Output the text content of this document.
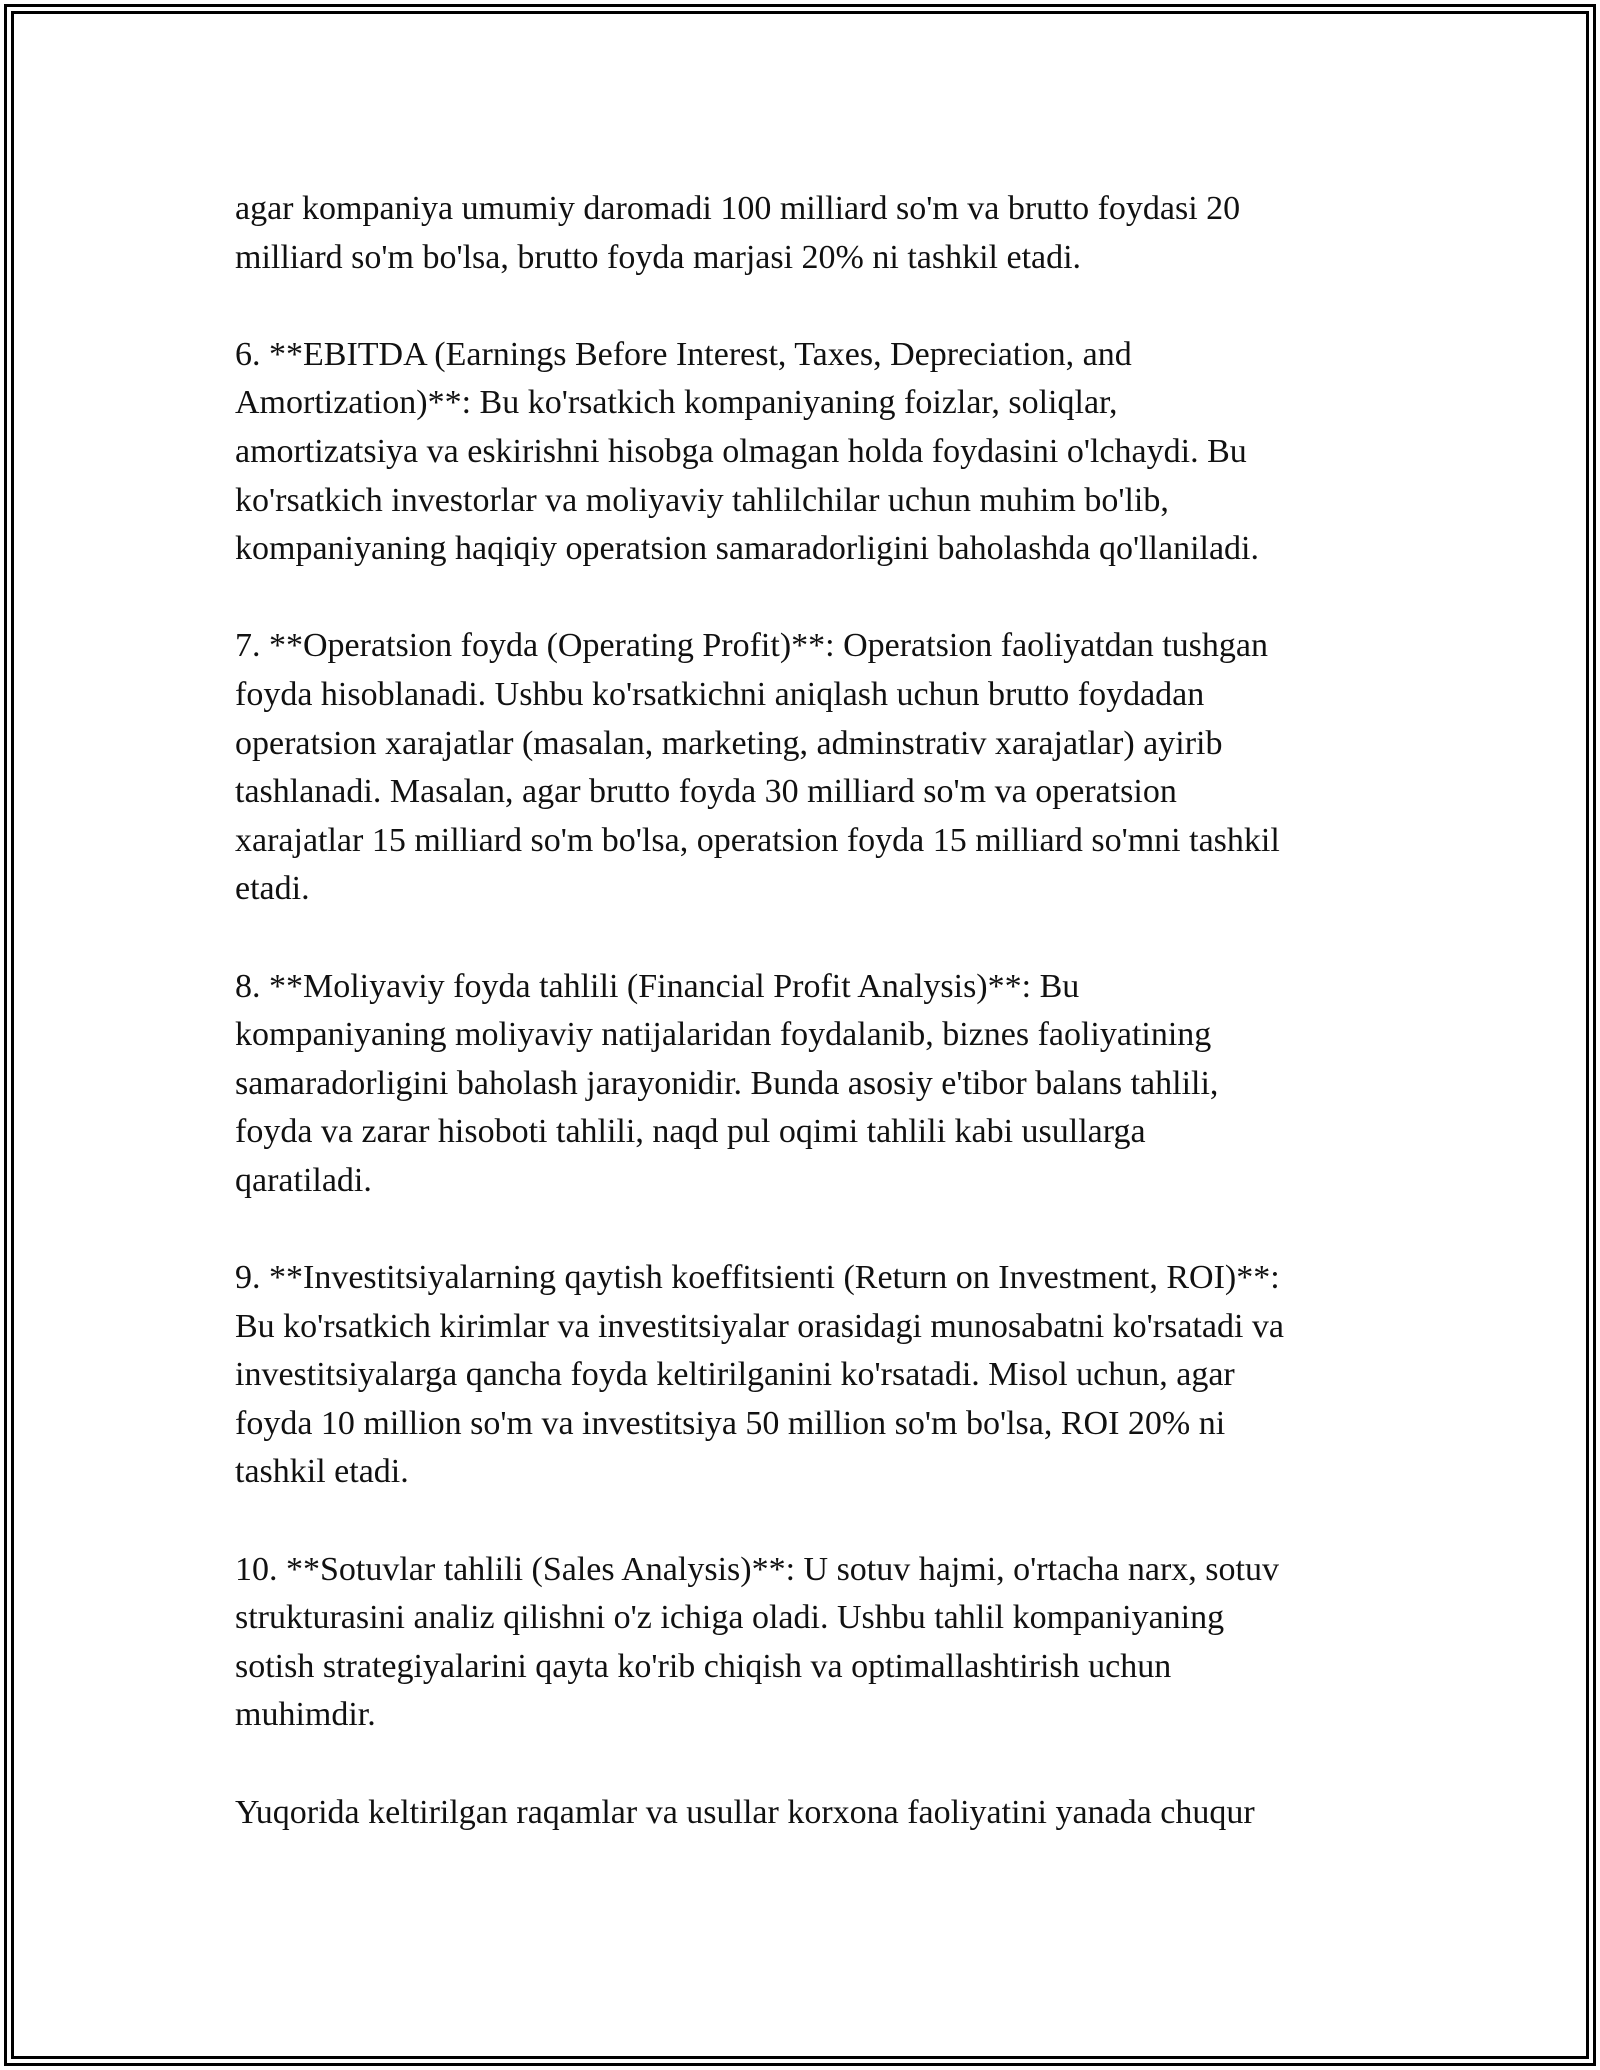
agar kompaniya umumiy daromadi 100 milliard so'm va brutto foydasi 20
milliard so'm bo'lsa, brutto foyda marjasi 20% ni tashkil etadi.

6. **EBITDA (Earnings Before Interest, Taxes, Depreciation, and
Amortization)**: Bu ko'rsatkich kompaniyaning foizlar, soliqlar,
amortizatsiya va eskirishni hisobga olmagan holda foydasini o'lchaydi. Bu
ko'rsatkich investorlar va moliyaviy tahlilchilar uchun muhim bo'lib,
kompaniyaning haqiqiy operatsion samaradorligini baholashda qo'llaniladi.

7. **Operatsion foyda (Operating Profit)**: Operatsion faoliyatdan tushgan
foyda hisoblanadi. Ushbu ko'rsatkichni aniqlash uchun brutto foydadan
operatsion xarajatlar (masalan, marketing, adminstrativ xarajatlar) ayirib
tashlanadi. Masalan, agar brutto foyda 30 milliard so'm va operatsion
xarajatlar 15 milliard so'm bo'lsa, operatsion foyda 15 milliard so'mni tashkil
etadi.

8. **Moliyaviy foyda tahlili (Financial Profit Analysis)**: Bu
kompaniyaning moliyaviy natijalaridan foydalanib, biznes faoliyatining
samaradorligini baholash jarayonidir. Bunda asosiy e'tibor balans tahlili,
foyda va zarar hisoboti tahlili, naqd pul oqimi tahlili kabi usullarga
qaratiladi.

9. **Investitsiyalarning qaytish koeffitsienti (Return on Investment, ROI)**:
Bu ko'rsatkich kirimlar va investitsiyalar orasidagi munosabatni ko'rsatadi va
investitsiyalarga qancha foyda keltirilganini ko'rsatadi. Misol uchun, agar
foyda 10 million so'm va investitsiya 50 million so'm bo'lsa, ROI 20% ni
tashkil etadi.

10. **Sotuvlar tahlili (Sales Analysis)**: U sotuv hajmi, o'rtacha narx, sotuv
strukturasini analiz qilishni o'z ichiga oladi. Ushbu tahlil kompaniyaning
sotish strategiyalarini qayta ko'rib chiqish va optimallashtirish uchun
muhimdir.

Yuqorida keltirilgan raqamlar va usullar korxona faoliyatini yanada chuqur
